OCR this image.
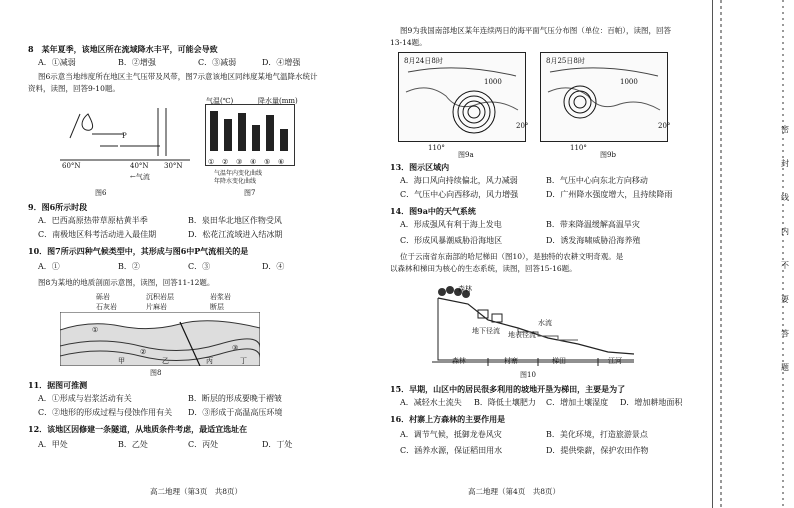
8　某年夏季，该地区所在流域降水丰平，可能会导致
A．①减弱	B．②增强	C．③减弱	D．④增强
图6示意当地纬度所在地区主气压带及风带，图7示意该地区同纬度某地气温降水统计
资料，读图，回答9-10题。
P
60°N	40°N 30°N
←气流
图6
气温(℃)	降水量(mm)
① ② ③ ④ ⑤ ⑥
气温年内变化曲线
年降水变化曲线
图7
9．图6所示时段
A．巴西高原热带草原枯黄半季	B．泉田华北地区作物受风
C．南极地区科考活动进入最佳期	D．松花江流域进入结冰期
10．图7所示四种气候类型中，其形成与图6中P气流相关的是
A．①	B．②	C．③	D．④
图8为某地的地质剖面示意图，读图，回答11-12题。
砾岩	沉积岩层	岩浆岩
石灰岩	片麻岩	断层
①
②	③
甲	乙	丙	丁
图8
11．据图可推测
A．①形成与岩浆活动有关	B．断层的形成要晚于褶皱
C．②地形的形成过程与侵蚀作用有关 D．③形成于高温高压环境
12．该地区因修建一条隧道，从地质条件考虑，最适宜选址在
A．甲处	B．乙处	C．丙处	D．丁处
高二地理（第3页　共8页）
图9为我国南部地区某年连续两日的海平面气压分布图（单位：百帕），读图，回答
13-14题。
8月24日8时
1000
110°
20°
图9a
8月25日8时
1000
110°
20°
图9b
13．图示区域内
A．海口风向持续偏北，风力减弱	B．气压中心向东北方向移动
C．气压中心向西移动，风力增强	D．广州降水强度增大，且持续降雨
14．图9a中的天气系统
A．形成强风有利于海上发电	B．带来降温缓解高温旱灾
C．形成风暴潮威胁沿海地区	D．诱发海啸威胁沿海养殖
位于云南省东南部的哈尼梯田（图10），是独特的农耕文明奇观。是
以森林和梯田为核心的生态系统，读图，回答15-16题。
森林
森林	村寨	梯田	江河
地下径流
水流
地表径流
图10
15．早期，山区中的居民很多利用的坡地开垦为梯田，主要是为了
A．减轻水土流失 B．降低土壤肥力 C．增加土壤湿度 D．增加耕地面积
16．村寨上方森林的主要作用是
A．调节气候，抵御龙卷风灾	B．美化环境，打造旅游景点
C．涵养水源，保证稻田用水	D．提供柴薪，保护农田作物
高二地理（第4页　共8页）
密
封
线
内
不
要
答
题
